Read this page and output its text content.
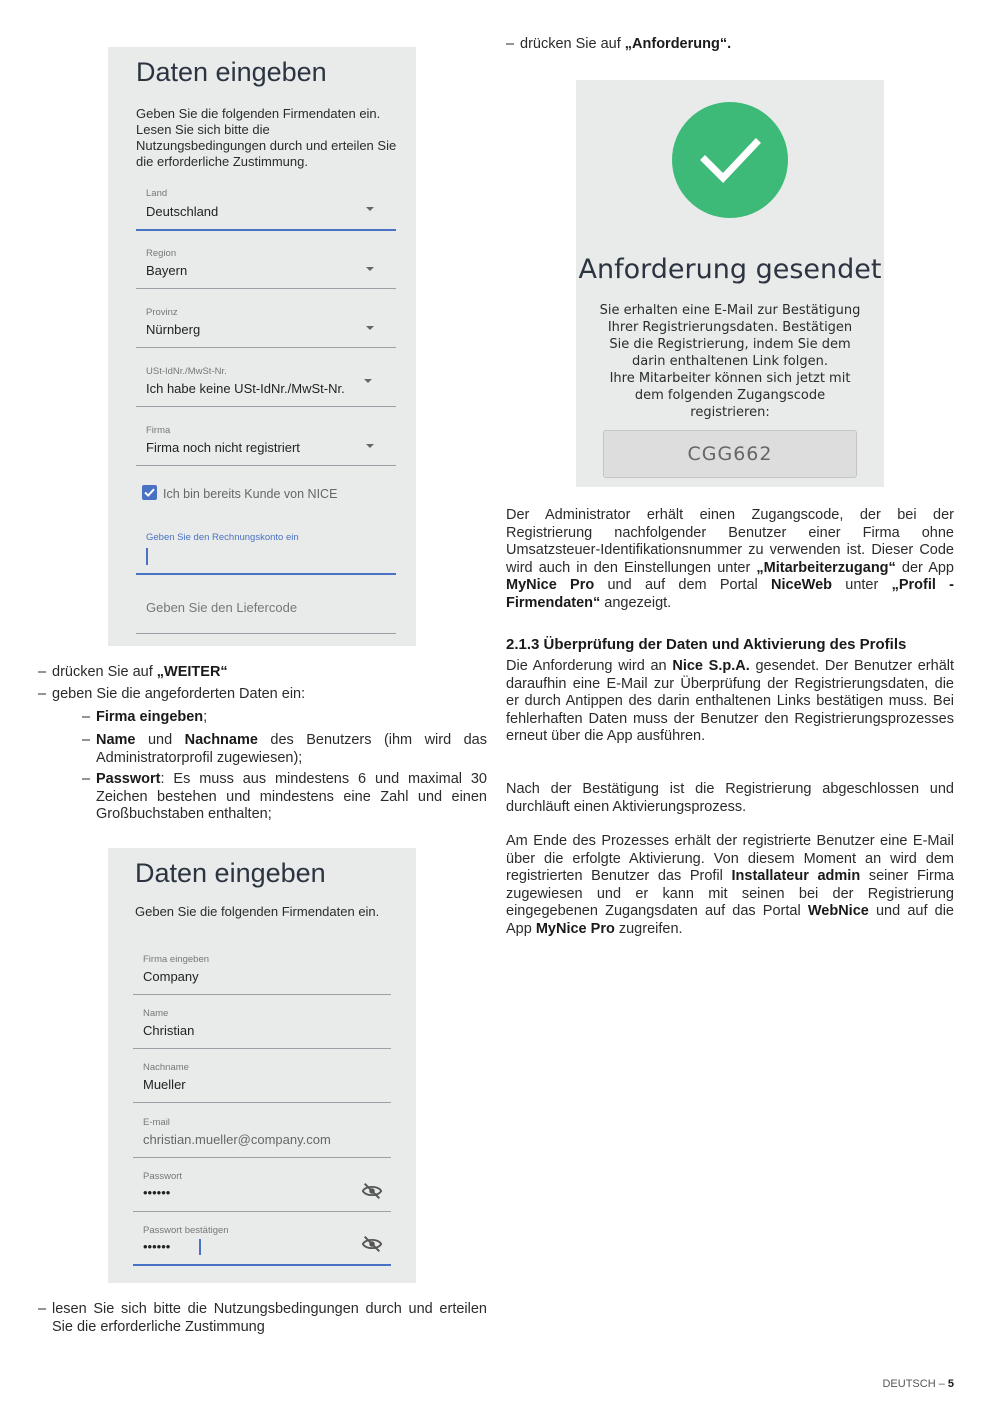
Daten eingeben
Geben Sie die folgenden Firmendaten ein. Lesen Sie sich bitte die Nutzungsbedingungen durch und erteilen Sie die erforderliche Zustimmung.
Land
Deutschland
Region
Bayern
Provinz
Nürnberg
USt-IdNr./MwSt-Nr.
Ich habe keine USt-IdNr./MwSt-Nr.
Firma
Firma noch nicht registriert
Ich bin bereits Kunde von NICE
Geben Sie den Rechnungskonto ein
Geben Sie den Liefercode
– drücken Sie auf „WEITER“
– geben Sie die angeforderten Daten ein:
– Firma eingeben;
– Name und Nachname des Benutzers (ihm wird das Administratorprofil zugewiesen);
– Passwort: Es muss aus mindestens 6 und maximal 30 Zeichen bestehen und mindestens eine Zahl und einen Großbuchstaben enthalten;
Daten eingeben
Geben Sie die folgenden Firmendaten ein.
Firma eingeben
Company
Name
Christian
Nachname
Mueller
E-mail
christian.mueller@company.com
Passwort
••••••
Passwort bestätigen
••••••
– lesen Sie sich bitte die Nutzungsbedingungen durch und erteilen Sie die erforderliche Zustimmung
– drücken Sie auf „Anforderung“.
Anforderung gesendet
Sie erhalten eine E-Mail zur Bestätigung Ihrer Registrierungsdaten. Bestätigen Sie die Registrierung, indem Sie dem darin enthaltenen Link folgen.
Ihre Mitarbeiter können sich jetzt mit dem folgenden Zugangscode registrieren:
CGG662
Der Administrator erhält einen Zugangscode, der bei der Registrierung nachfolgender Benutzer einer Firma ohne Umsatzsteuer-Identifikationsnummer zu verwenden ist. Dieser Code wird auch in den Einstellungen unter „Mitarbeiterzugang“ der App MyNice Pro und auf dem Portal NiceWeb unter „Profil - Firmendaten“ angezeigt.
2.1.3 Überprüfung der Daten und Aktivierung des Profils
Die Anforderung wird an Nice S.p.A. gesendet. Der Benutzer erhält daraufhin eine E-Mail zur Überprüfung der Registrierungsdaten, die er durch Antippen des darin enthaltenen Links bestätigen muss. Bei fehlerhaften Daten muss der Benutzer den Registrierungsprozesses erneut über die App ausführen.
Nach der Bestätigung ist die Registrierung abgeschlossen und durchläuft einen Aktivierungsprozess.
Am Ende des Prozesses erhält der registrierte Benutzer eine E-Mail über die erfolgte Aktivierung. Von diesem Moment an wird dem registrierten Benutzer das Profil Installateur admin seiner Firma zugewiesen und er kann mit seinen bei der Registrierung eingegebenen Zugangsdaten auf das Portal WebNice und auf die App MyNice Pro zugreifen.
DEUTSCH – 5
